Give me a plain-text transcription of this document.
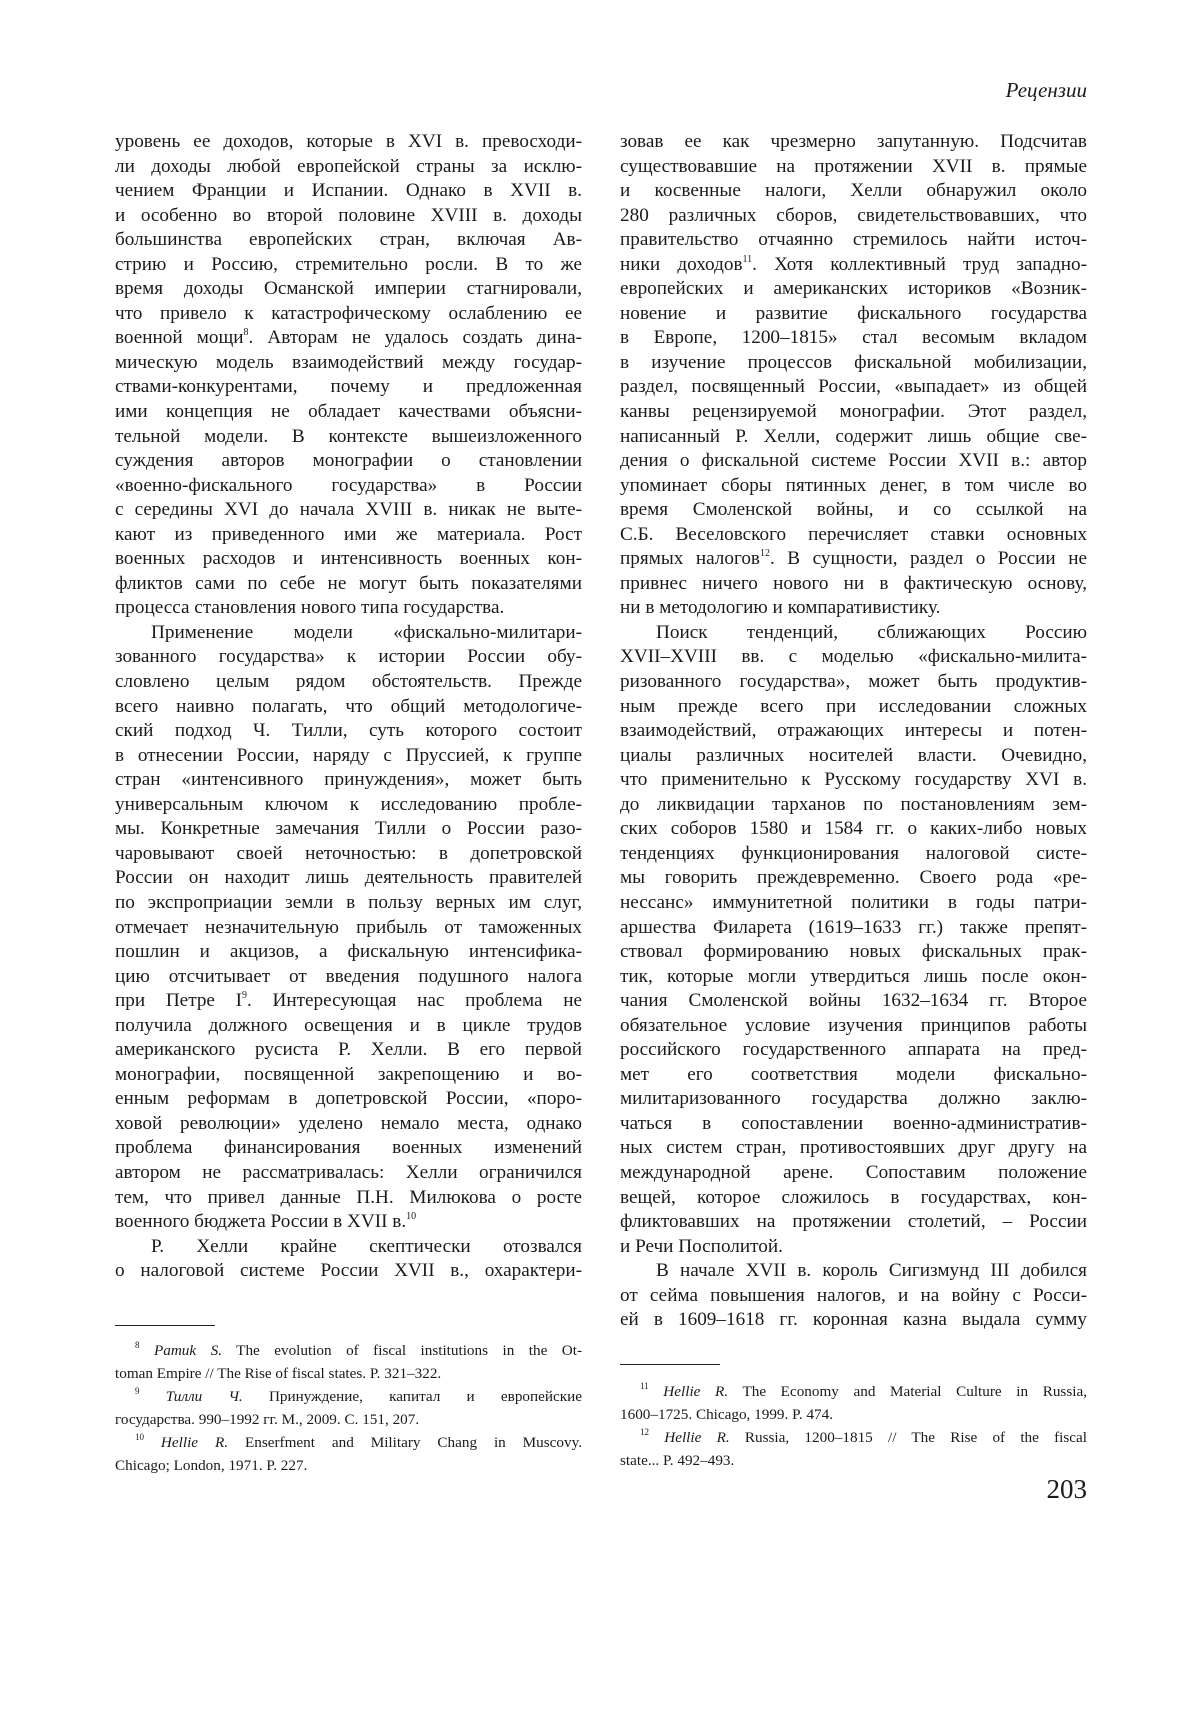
Рецензии
уровень ее доходов, которые в XVI в. превосходи-
ли доходы любой европейской страны за исклю-
чением Франции и Испании. Однако в XVII в.
и особенно во второй половине XVIII в. доходы
большинства европейских стран, включая Ав-
стрию и Россию, стремительно росли. В то же
время доходы Османской империи стагнировали,
что привело к катастрофическому ослаблению ее
военной мощи8. Авторам не удалось создать дина-
мическую модель взаимодействий между государ-
ствами-конкурентами, почему и предложенная
ими концепция не обладает качествами объясни-
тельной модели. В контексте вышеизложенного
суждения авторов монографии о становлении
«военно-фискального государства» в России
с середины XVI до начала XVIII в. никак не выте-
кают из приведенного ими же материала. Рост
военных расходов и интенсивность военных кон-
фликтов сами по себе не могут быть показателями
процесса становления нового типа государства.
Применение модели «фискально-милитари-
зованного государства» к истории России обу-
словлено целым рядом обстоятельств. Прежде
всего наивно полагать, что общий методологиче-
ский подход Ч. Тилли, суть которого состоит
в отнесении России, наряду с Пруссией, к группе
стран «интенсивного принуждения», может быть
универсальным ключом к исследованию пробле-
мы. Конкретные замечания Тилли о России разо-
чаровывают своей неточностью: в допетровской
России он находит лишь деятельность правителей
по экспроприации земли в пользу верных им слуг,
отмечает незначительную прибыль от таможенных
пошлин и акцизов, а фискальную интенсифика-
цию отсчитывает от введения подушного налога
при Петре I9. Интересующая нас проблема не
получила должного освещения и в цикле трудов
американского русиста Р. Хелли. В его первой
монографии, посвященной закрепощению и во-
енным реформам в допетровской России, «поро-
ховой революции» уделено немало места, однако
проблема финансирования военных изменений
автором не рассматривалась: Хелли ограничился
тем, что привел данные П.Н. Милюкова о росте
военного бюджета России в XVII в.10
Р. Хелли крайне скептически отозвался
о налоговой системе России XVII в., охарактери-
зовав ее как чрезмерно запутанную. Подсчитав
существовавшие на протяжении XVII в. прямые
и косвенные налоги, Хелли обнаружил около
280 различных сборов, свидетельствовавших, что
правительство отчаянно стремилось найти источ-
ники доходов11. Хотя коллективный труд западно-
европейских и американских историков «Возник-
новение и развитие фискального государства
в Европе, 1200–1815» стал весомым вкладом
в изучение процессов фискальной мобилизации,
раздел, посвященный России, «выпадает» из общей
канвы рецензируемой монографии. Этот раздел,
написанный Р. Хелли, содержит лишь общие све-
дения о фискальной системе России XVII в.: автор
упоминает сборы пятинных денег, в том числе во
время Смоленской войны, и со ссылкой на
С.Б. Веселовского перечисляет ставки основных
прямых налогов12. В сущности, раздел о России не
привнес ничего нового ни в фактическую основу,
ни в методологию и компаративистику.
Поиск тенденций, сближающих Россию
XVII–XVIII вв. с моделью «фискально-милита-
ризованного государства», может быть продуктив-
ным прежде всего при исследовании сложных
взаимодействий, отражающих интересы и потен-
циалы различных носителей власти. Очевидно,
что применительно к Русскому государству XVI в.
до ликвидации тарханов по постановлениям зем-
ских соборов 1580 и 1584 гг. о каких-либо новых
тенденциях функционирования налоговой систе-
мы говорить преждевременно. Своего рода «ре-
нессанс» иммунитетной политики в годы патри-
аршества Филарета (1619–1633 гг.) также препят-
ствовал формированию новых фискальных прак-
тик, которые могли утвердиться лишь после окон-
чания Смоленской войны 1632–1634 гг. Второе
обязательное условие изучения принципов работы
российского государственного аппарата на пред-
мет его соответствия модели фискально-
милитаризованного государства должно заклю-
чаться в сопоставлении военно-административ-
ных систем стран, противостоявших друг другу на
международной арене. Сопоставим положение
вещей, которое сложилось в государствах, кон-
фликтовавших на протяжении столетий, – России
и Речи Посполитой.
В начале XVII в. король Сигизмунд III добился
от сейма повышения налогов, и на войну с Росси-
ей в 1609–1618 гг. коронная казна выдала сумму
8 Pamuk S. The evolution of fiscal institutions in the Ot-
toman Empire // The Rise of fiscal states. P. 321–322.
9 Тилли Ч. Принуждение, капитал и европейские
государства. 990–1992 гг. М., 2009. С. 151, 207.
10 Hellie R. Enserfment and Military Chang in Muscovy.
Chicago; London, 1971. P. 227.
11 Hellie R. The Economy and Material Culture in Russia,
1600–1725. Chicago, 1999. P. 474.
12 Hellie R. Russia, 1200–1815 // The Rise of the fiscal
state... P. 492–493.
203
